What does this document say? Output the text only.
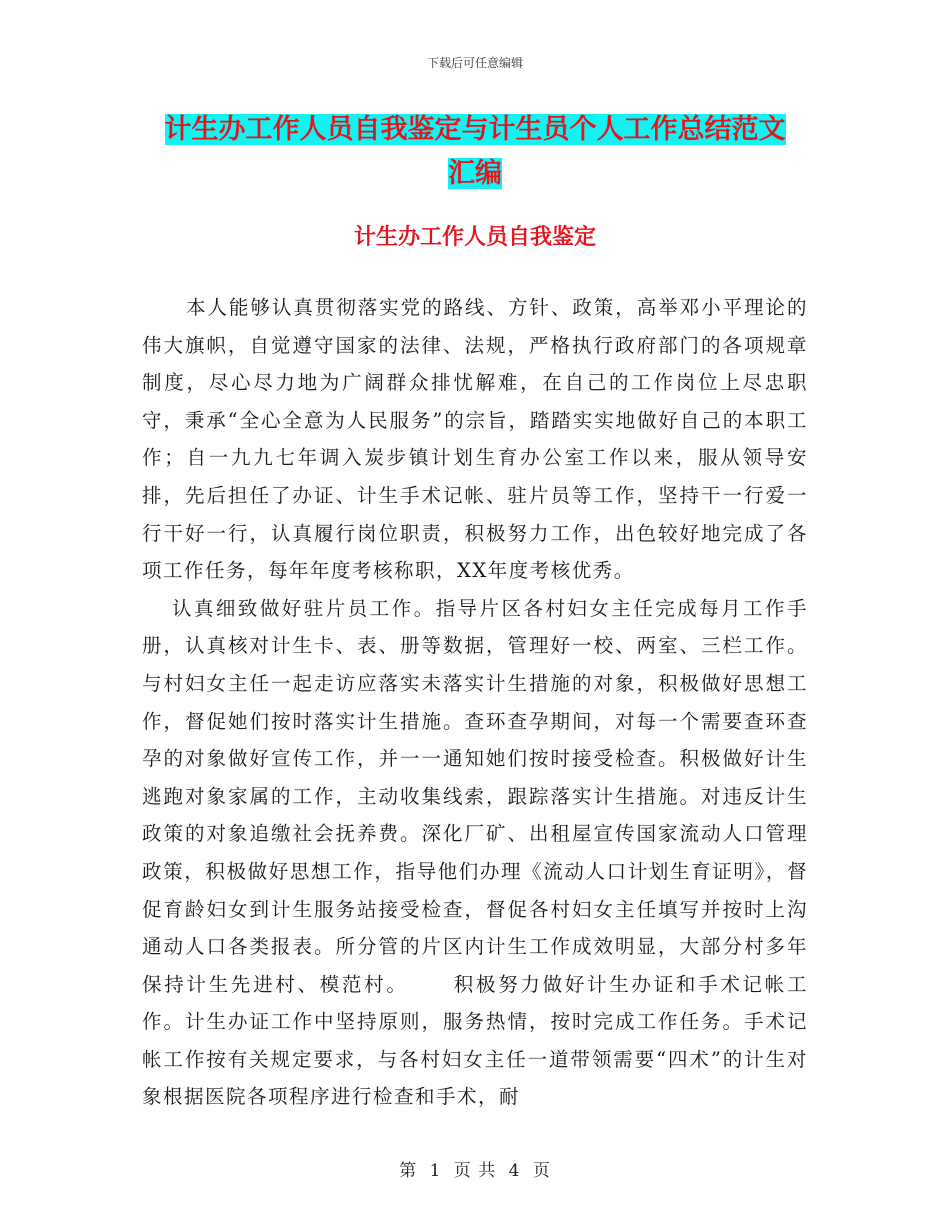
下载后可任意编辑
计生办工作人员自我鉴定与计生员个人工作总结范文
汇编
计生办工作人员自我鉴定

本人能够认真贯彻落实党的路线、方针、政策，高举邓小平理论的伟大旗帜，自觉遵守国家的法律、法规，严格执行政府部门的各项规章制度，尽心尽力地为广阔群众排忧解难，在自己的工作岗位上尽忠职守，秉承“全心全意为人民服务”的宗旨，踏踏实实地做好自己的本职工作；自一九九七年调入炭步镇计划生育办公室工作以来，服从领导安排，先后担任了办证、计生手术记帐、驻片员等工作，坚持干一行爱一行干好一行，认真履行岗位职责，积极努力工作，出色较好地完成了各项工作任务，每年年度考核称职，XX年度考核优秀。

认真细致做好驻片员工作。指导片区各村妇女主任完成每月工作手册，认真核对计生卡、表、册等数据，管理好一校、两室、三栏工作。与村妇女主任一起走访应落实未落实计生措施的对象，积极做好思想工作，督促她们按时落实计生措施。查环查孕期间，对每一个需要查环查孕的对象做好宣传工作，并一一通知她们按时接受检查。积极做好计生逃跑对象家属的工作，主动收集线索，跟踪落实计生措施。对违反计生政策的对象追缴社会抚养费。深化厂矿、出租屋宣传国家流动人口管理政策，积极做好思想工作，指导他们办理《流动人口计划生育证明》，督促育龄妇女到计生服务站接受检查，督促各村妇女主任填写并按时上沟通动人口各类报表。所分管的片区内计生工作成效明显，大部分村多年保持计生先进村、模范村。 积极努力做好计生办证和手术记帐工作。计生办证工作中坚持原则，服务热情，按时完成工作任务。手术记帐工作按有关规定要求，与各村妇女主任一道带领需要“四术”的计生对象根据医院各项程序进行检查和手术，耐

第 1 页 共 4 页
